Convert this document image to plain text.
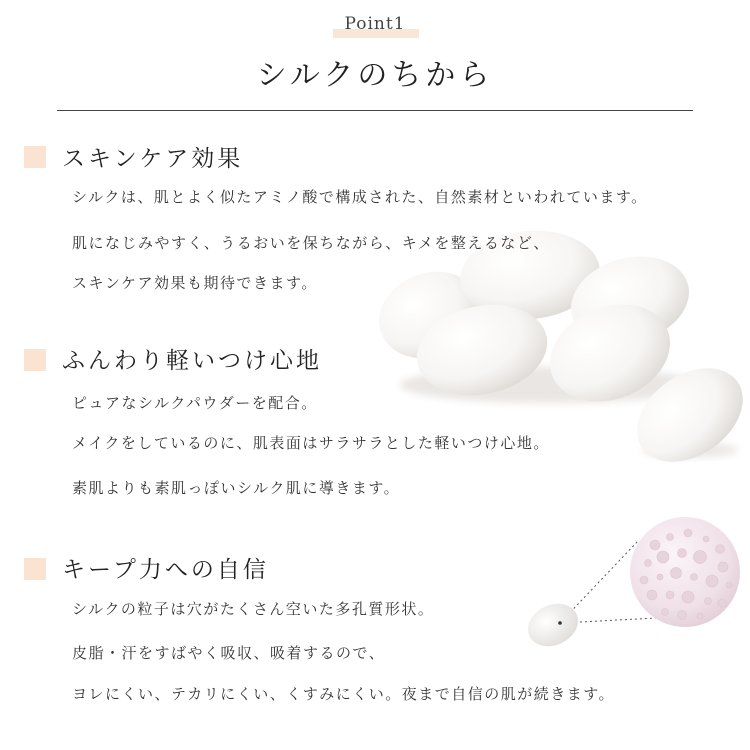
Point1
シルクのちから
スキンケア効果
シルクは、肌とよく似たアミノ酸で構成された、自然素材といわれています。
肌になじみやすく、うるおいを保ちながら、キメを整えるなど、
スキンケア効果も期待できます。
ふんわり軽いつけ心地
ピュアなシルクパウダーを配合。
メイクをしているのに、肌表面はサラサラとした軽いつけ心地。
素肌よりも素肌っぽいシルク肌に導きます。
キープ力への自信
シルクの粒子は穴がたくさん空いた多孔質形状。
皮脂・汗をすばやく吸収、吸着するので、
ヨレにくい、テカリにくい、くすみにくい。夜まで自信の肌が続きます。
